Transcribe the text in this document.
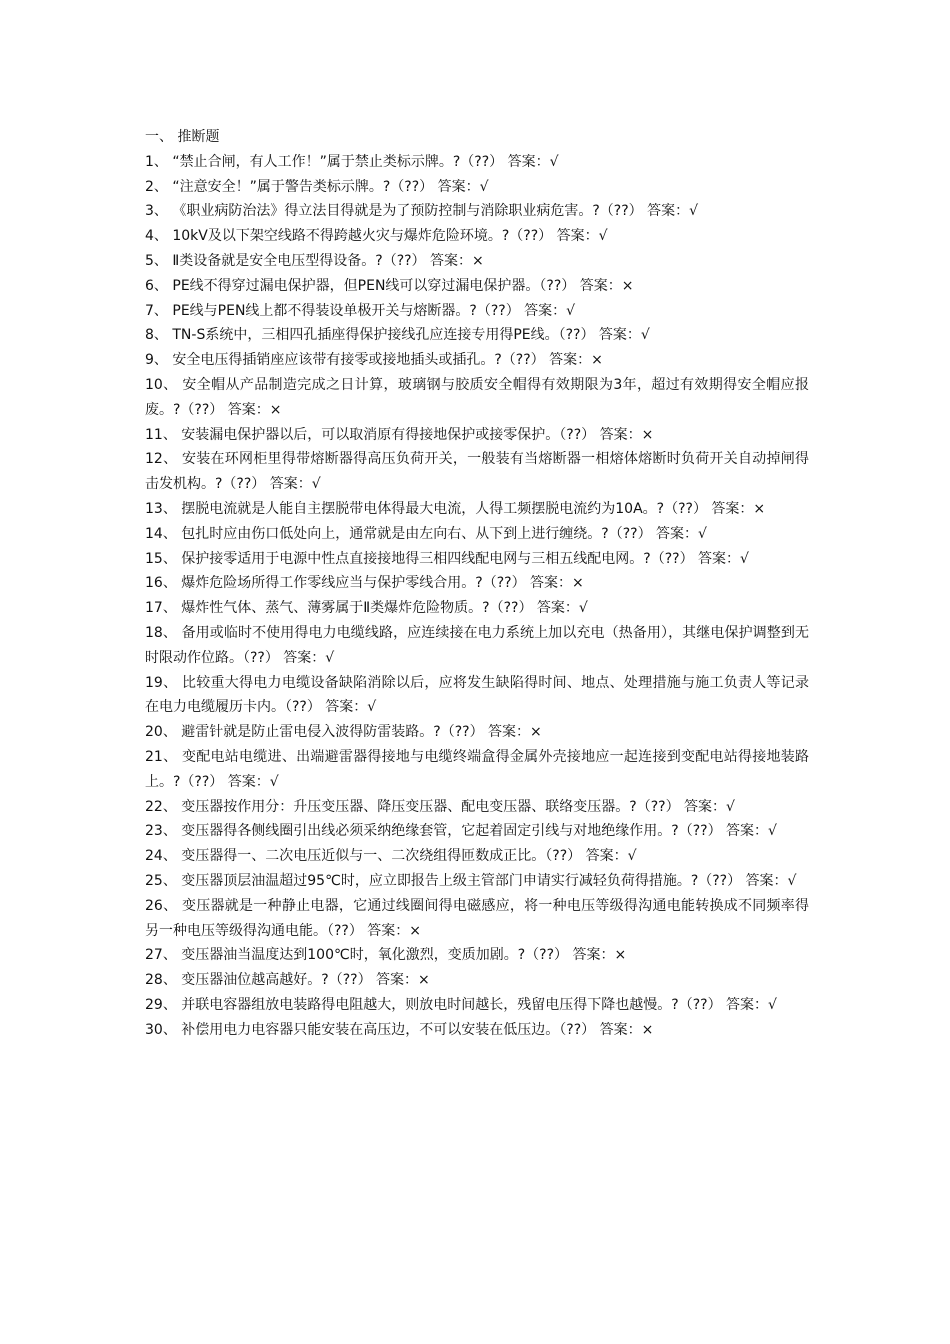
一、 推断题
1、 “禁止合闸，有人工作！”属于禁止类标示牌。?（??） 答案：√
2、 “注意安全！”属于警告类标示牌。?（??） 答案：√
3、 《职业病防治法》得立法目得就是为了预防控制与消除职业病危害。?（??） 答案：√
4、 10kV及以下架空线路不得跨越火灾与爆炸危险环境。?（??） 答案：√
5、 Ⅱ类设备就是安全电压型得设备。?（??） 答案：×
6、 PE线不得穿过漏电保护器，但PEN线可以穿过漏电保护器。（??） 答案：×
7、 PE线与PEN线上都不得装设单极开关与熔断器。?（??） 答案：√
8、 TN-S系统中，三相四孔插座得保护接线孔应连接专用得PE线。（??） 答案：√
9、 安全电压得插销座应该带有接零或接地插头或插孔。?（??） 答案：×
10、 安全帽从产品制造完成之日计算，玻璃钢与胶质安全帽得有效期限为3年，超过有效期得安全帽应报废。?（??） 答案：×
11、 安装漏电保护器以后，可以取消原有得接地保护或接零保护。（??） 答案：×
12、 安装在环网柜里得带熔断器得高压负荷开关，一般装有当熔断器一相熔体熔断时负荷开关自动掉闸得击发机构。?（??） 答案：√
13、 摆脱电流就是人能自主摆脱带电体得最大电流，人得工频摆脱电流约为10A。?（??） 答案：×
14、 包扎时应由伤口低处向上，通常就是由左向右、从下到上进行缠绕。?（??） 答案：√
15、 保护接零适用于电源中性点直接接地得三相四线配电网与三相五线配电网。?（??） 答案：√
16、 爆炸危险场所得工作零线应当与保护零线合用。?（??） 答案：×
17、 爆炸性气体、蒸气、薄雾属于Ⅱ类爆炸危险物质。?（??） 答案：√
18、 备用或临时不使用得电力电缆线路，应连续接在电力系统上加以充电（热备用），其继电保护调整到无时限动作位路。（??） 答案：√
19、 比较重大得电力电缆设备缺陷消除以后，应将发生缺陷得时间、地点、处理措施与施工负责人等记录在电力电缆履历卡内。（??） 答案：√
20、 避雷针就是防止雷电侵入波得防雷装路。?（??） 答案：×
21、 变配电站电缆进、出端避雷器得接地与电缆终端盒得金属外壳接地应一起连接到变配电站得接地装路上。?（??） 答案：√
22、 变压器按作用分：升压变压器、降压变压器、配电变压器、联络变压器。?（??） 答案：√
23、 变压器得各侧线圈引出线必须采纳绝缘套管，它起着固定引线与对地绝缘作用。?（??） 答案：√
24、 变压器得一、二次电压近似与一、二次绕组得匝数成正比。（??） 答案：√
25、 变压器顶层油温超过95℃时，应立即报告上级主管部门申请实行减轻负荷得措施。?（??） 答案：√
26、 变压器就是一种静止电器，它通过线圈间得电磁感应，将一种电压等级得沟通电能转换成不同频率得另一种电压等级得沟通电能。（??） 答案：×
27、 变压器油当温度达到100℃时，氧化激烈，变质加剧。?（??） 答案：×
28、 变压器油位越高越好。?（??） 答案：×
29、 并联电容器组放电装路得电阻越大，则放电时间越长，残留电压得下降也越慢。?（??） 答案：√
30、 补偿用电力电容器只能安装在高压边，不可以安装在低压边。（??） 答案：×
